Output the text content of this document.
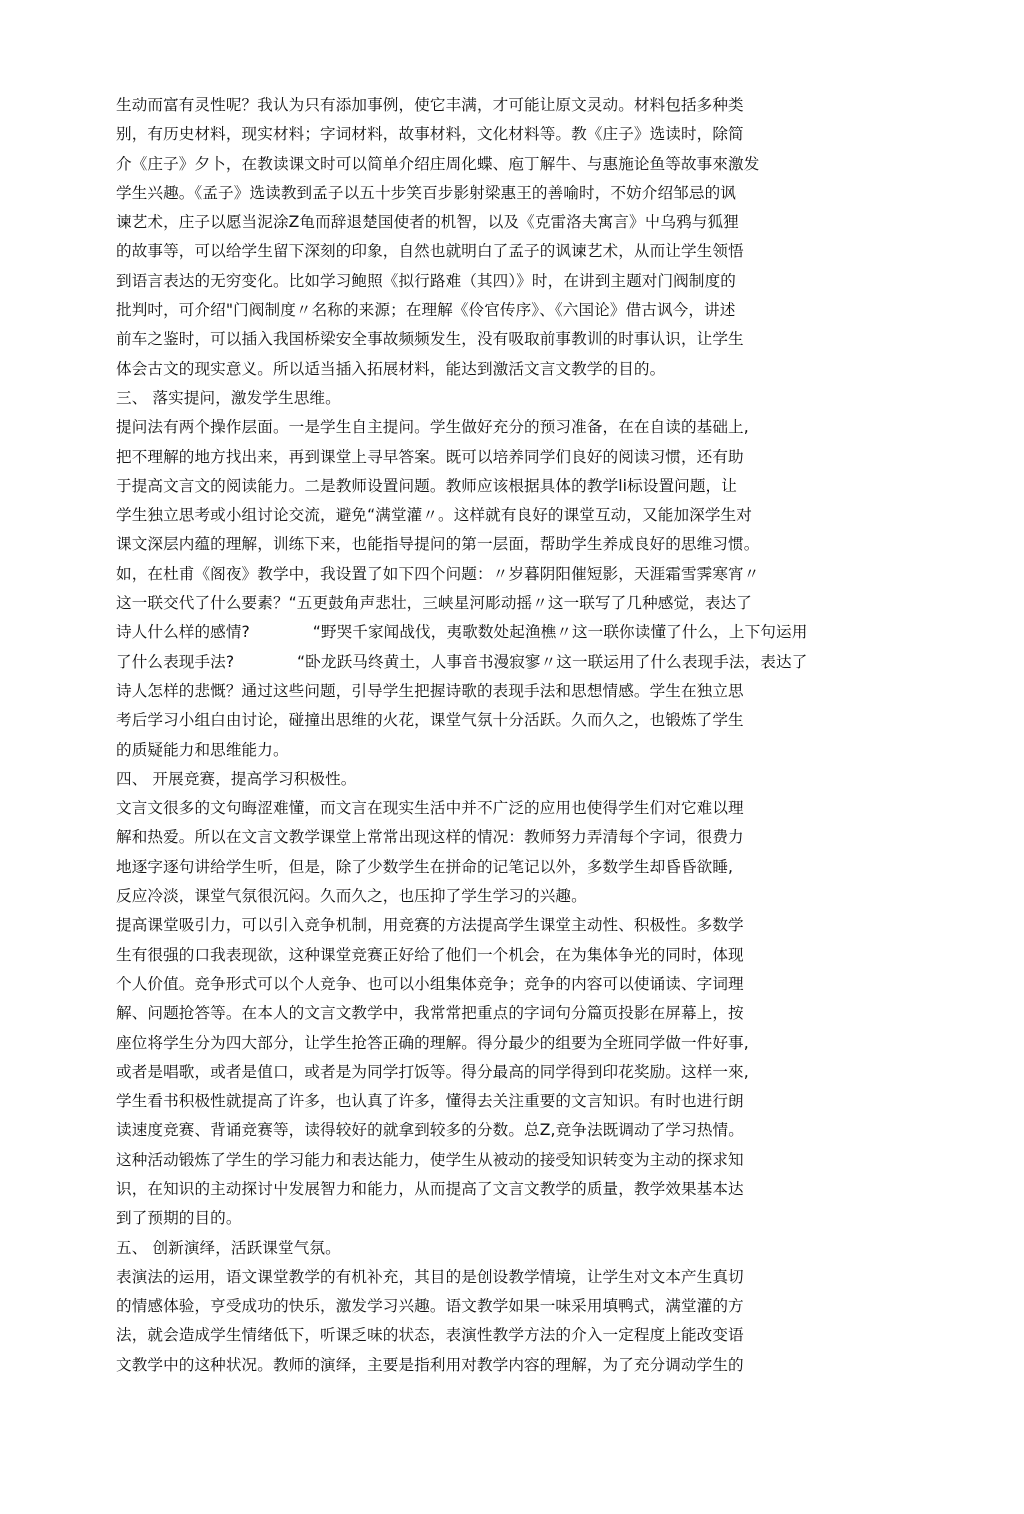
生动而富有灵性呢？我认为只有添加事例，使它丰满，才可能让原文灵动。材料包括多种类
别，有历史材料，现实材料；字词材料，故事材料，文化材料等。教《庄子》选读时，除简
介《庄子》夕卜，在教读课文时可以简单介绍庄周化蝶、庖丁解牛、与惠施论鱼等故事來激发
学生兴趣。《孟子》选读教到孟子以五十步笑百步影射梁惠王的善喻时，不妨介绍邹忌的讽
谏艺术，庄子以愿当泥涂Z龟而辞退楚国使者的机智，以及《克雷洛夫寓言》屮乌鸦与狐狸
的故事等，可以给学生留下深刻的印象，自然也就明白了孟子的讽谏艺术，从而让学生领悟
到语言表达的无穷变化。比如学习鲍照《拟行路难（其四）》时，在讲到主题对门阀制度的
批判吋，可介绍"门阀制度〃名称的来源；在理解《伶官传序》、《六国论》借古讽今，讲述
前车之鉴时，可以插入我国桥梁安全事故频频发生，没有吸取前事教训的时事认识，让学生
体会古文的现实意义。所以适当插入拓展材料，能达到激活文言文教学的目的。
三、 落实提问，激发学生思维。
提问法有两个操作层面。一是学生自主提问。学生做好充分的预习准备，在在自读的基础上,
把不理解的地方找出来，再到课堂上寻早答案。既可以培养同学们良好的阅读习惯，还有助
于提高文言文的阅读能力。二是教师设置问题。教师应该根据具体的教学li标设置问题，让
学生独立思考或小组讨论交流，避免“满堂灌〃。这样就有良好的课堂互动，又能加深学生对
课文深层内蕴的理解，训练下来，也能指导提问的第一层面，帮助学生养成良好的思维习惯。
如，在杜甫《阁夜》教学中，我设置了如下四个问题：〃岁暮阴阳催短影，天涯霜雪霁寒宵〃
这一联交代了什么要素？“五更鼓角声悲壮，三峡星河彫动摇〃这一联写了几种感觉，表达了
诗人什么样的感情?　　　　“野哭千家闻战伐，夷歌数处起渔樵〃这一联你读懂了什么，上下句运用
了什么表现手法?　　　　“卧龙跃马终黄土，人事音书漫寂寥〃这一联运用了什么表现手法，表达了
诗人怎样的悲慨？通过这些问题，引导学生把握诗歌的表现手法和思想情感。学生在独立思
考后学习小组白由讨论，碰撞出思维的火花，课堂气氛十分活跃。久而久之，也锻炼了学生
的质疑能力和思维能力。
四、 开展竞赛，提高学习积极性。
文言文很多的文句晦涩难懂，而文言在现实生活中并不广泛的应用也使得学生们对它难以理
解和热爱。所以在文言文教学课堂上常常出现这样的情况：教师努力弄清每个字词，很费力
地逐字逐句讲给学生听，但是，除了少数学生在拼命的记笔记以外，多数学生却昏昏欲睡,
反应冷淡，课堂气氛很沉闷。久而久之，也压抑了学生学习的兴趣。
提高课堂吸引力，可以引入竞争机制，用竞赛的方法提高学生课堂主动性、积极性。多数学
生有很强的口我表现欲，这种课堂竞赛正好给了他们一个机会，在为集体争光的同时，体现
个人价值。竞争形式可以个人竞争、也可以小组集体竞争；竞争的内容可以使诵读、字词理
解、问题抢答等。在本人的文言文教学中，我常常把重点的字词句分篇页投影在屏幕上，按
座位将学生分为四大部分，让学生抢答正确的理解。得分最少的组要为全班同学做一件好事,
或者是唱歌，或者是值口，或者是为同学打饭等。得分最高的同学得到印花奖励。这样一來,
学生看书积极性就提高了许多，也认真了许多，懂得去关注重要的文言知识。有时也进行朗
读速度竞赛、背诵竞赛等，读得较好的就拿到较多的分数。总Z,竞争法既调动了学习热情。
这种活动锻炼了学生的学习能力和表达能力，使学生从被动的接受知识转变为主动的探求知
识，在知识的主动探讨屮发展智力和能力，从而提高了文言文教学的质量，教学效果基本达
到了预期的目的。
五、 创新演绎，活跃课堂气氛。
表演法的运用，语文课堂教学的有机补充，其目的是创设教学情境，让学生对文本产生真切
的情感体验，亨受成功的快乐，激发学习兴趣。语文教学如果一味采用填鸭式，满堂灌的方
法，就会造成学生情绪低下，听课乏味的状态，表演性教学方法的介入一定程度上能改变语
文教学中的这种状况。教师的演绎，主要是指利用对教学内容的理解，为了充分调动学生的
